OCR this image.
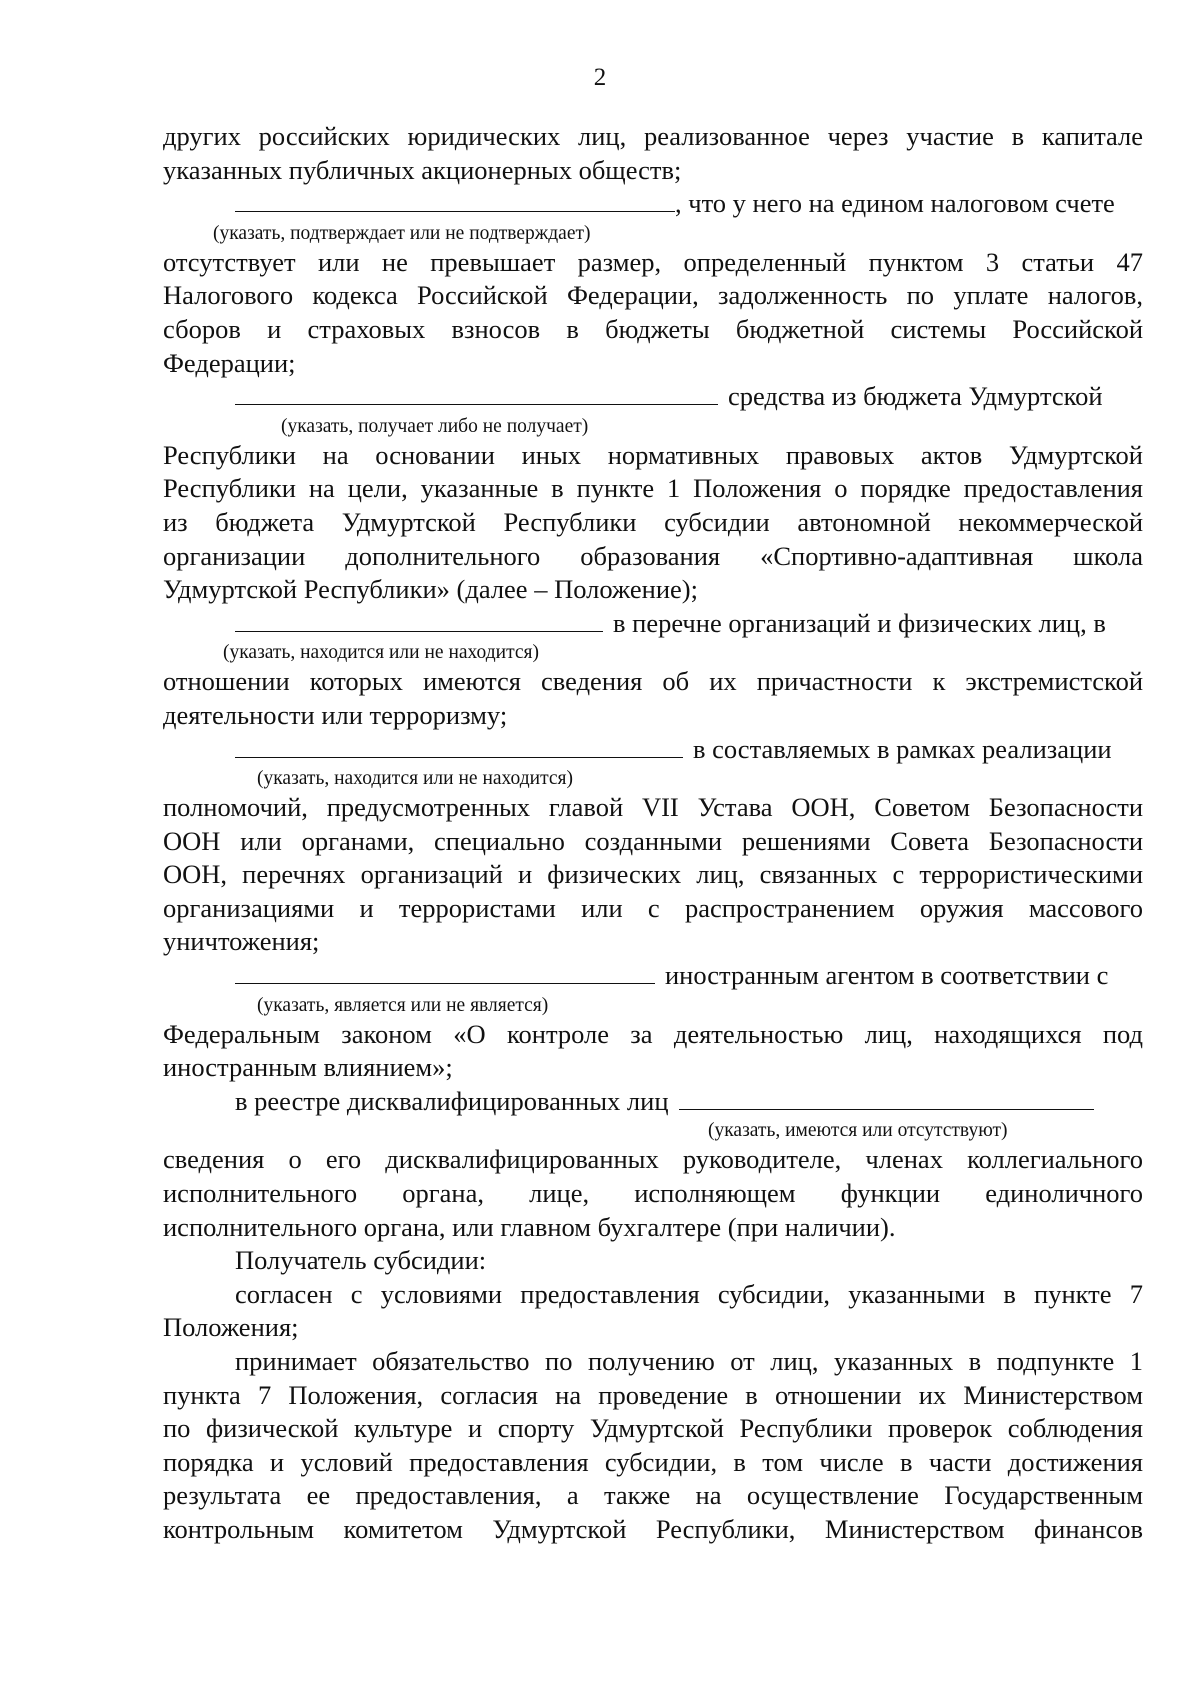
2
других российских юридических лиц, реализованное через участие в капитале
указанных публичных акционерных обществ;
, что у него на едином налоговом счете
(указать, подтверждает или не подтверждает)
отсутствует или не превышает размер, определенный пунктом 3 статьи 47
Налогового кодекса Российской Федерации, задолженность по уплате налогов,
сборов и страховых взносов в бюджеты бюджетной системы Российской
Федерации;
средства из бюджета Удмуртской
(указать, получает либо не получает)
Республики на основании иных нормативных правовых актов Удмуртской
Республики на цели, указанные в пункте 1 Положения о порядке предоставления
из бюджета Удмуртской Республики субсидии автономной некоммерческой
организации дополнительного образования «Спортивно-адаптивная школа
Удмуртской Республики» (далее – Положение);
в перечне организаций и физических лиц, в
(указать, находится или не находится)
отношении которых имеются сведения об их причастности к экстремистской
деятельности или терроризму;
в составляемых в рамках реализации
(указать, находится или не находится)
полномочий, предусмотренных главой VII Устава ООН, Советом Безопасности
ООН или органами, специально созданными решениями Совета Безопасности
ООН, перечнях организаций и физических лиц, связанных с террористическими
организациями и террористами или с распространением оружия массового
уничтожения;
иностранным агентом в соответствии с
(указать, является или не является)
Федеральным законом «О контроле за деятельностью лиц, находящихся под
иностранным влиянием»;
в реестре дисквалифицированных лиц
(указать, имеются или отсутствуют)
сведения о его дисквалифицированных руководителе, членах коллегиального
исполнительного органа, лице, исполняющем функции единоличного
исполнительного органа, или главном бухгалтере (при наличии).
Получатель субсидии:
согласен с условиями предоставления субсидии, указанными в пункте 7
Положения;
принимает обязательство по получению от лиц, указанных в подпункте 1
пункта 7 Положения, согласия на проведение в отношении их Министерством
по физической культуре и спорту Удмуртской Республики проверок соблюдения
порядка и условий предоставления субсидии, в том числе в части достижения
результата ее предоставления, а также на осуществление Государственным
контрольным комитетом Удмуртской Республики, Министерством финансов
